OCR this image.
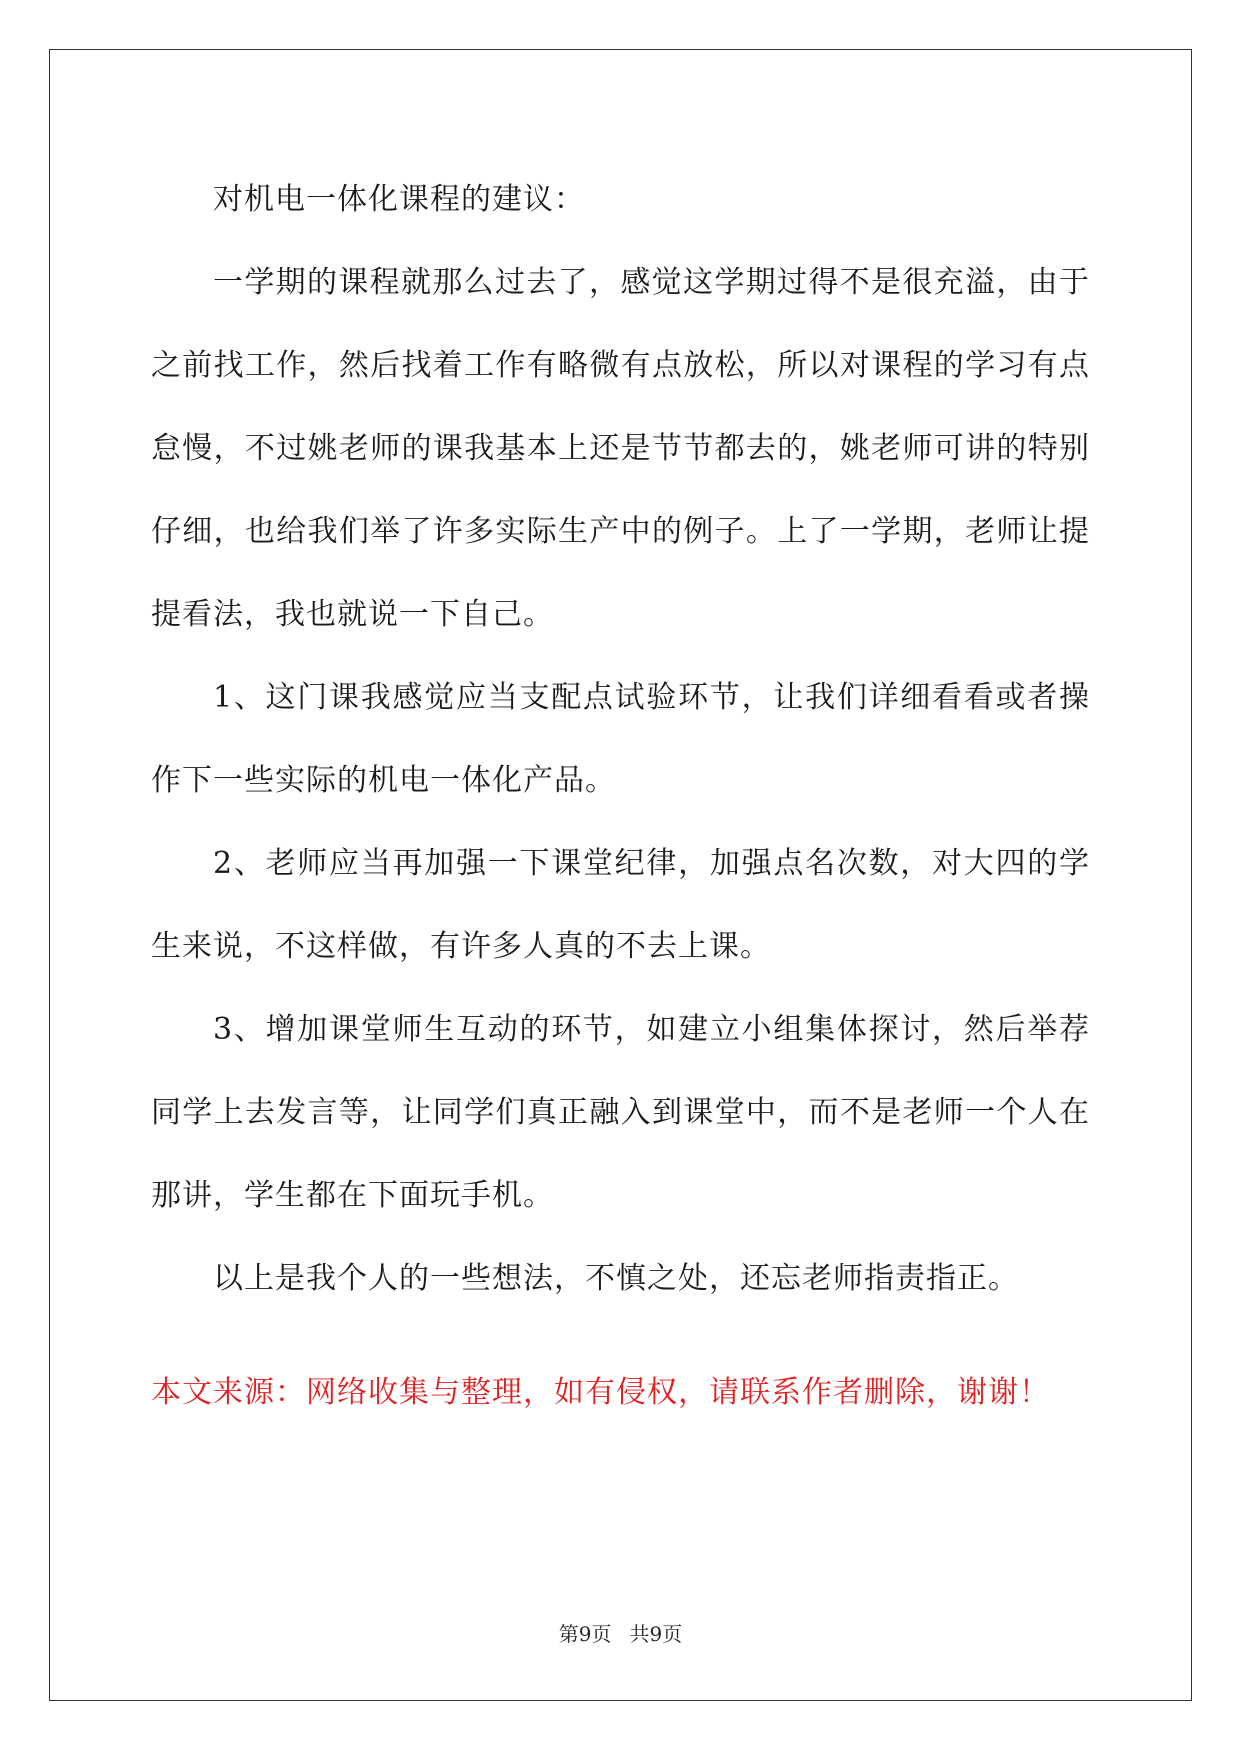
对机电一体化课程的建议：

一学期的课程就那么过去了，感觉这学期过得不是很充溢，由于之前找工作，然后找着工作有略微有点放松，所以对课程的学习有点怠慢，不过姚老师的课我基本上还是节节都去的，姚老师可讲的特别仔细，也给我们举了许多实际生产中的例子。上了一学期，老师让提提看法，我也就说一下自己。

1、这门课我感觉应当支配点试验环节，让我们详细看看或者操作下一些实际的机电一体化产品。

2、老师应当再加强一下课堂纪律，加强点名次数，对大四的学生来说，不这样做，有许多人真的不去上课。

3、增加课堂师生互动的环节，如建立小组集体探讨，然后举荐同学上去发言等，让同学们真正融入到课堂中，而不是老师一个人在那讲，学生都在下面玩手机。

以上是我个人的一些想法，不慎之处，还忘老师指责指正。

本文来源：网络收集与整理，如有侵权，请联系作者删除，谢谢！

第9页 共9页
